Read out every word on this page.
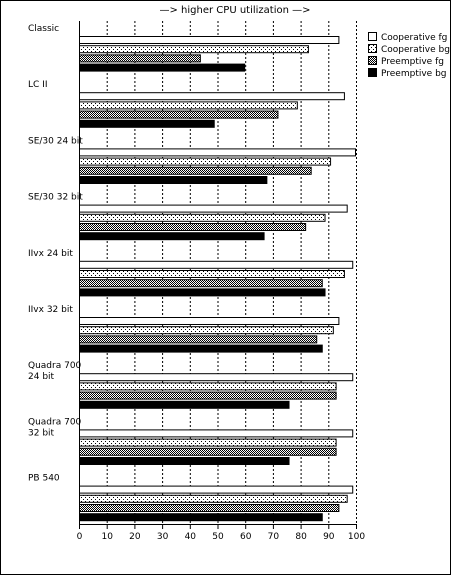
—> higher CPU utilization —>
Classic
LC II
SE/30 24 bit
SE/30 32 bit
IIvx 24 bit
IIvx 32 bit
Quadra 700
24 bit
Quadra 700
32 bit
PB 540
0 10 20 30 40 50 60 70 80 90 100
Cooperative fg
Cooperative bg
Preemptive fg
Preemptive bg
